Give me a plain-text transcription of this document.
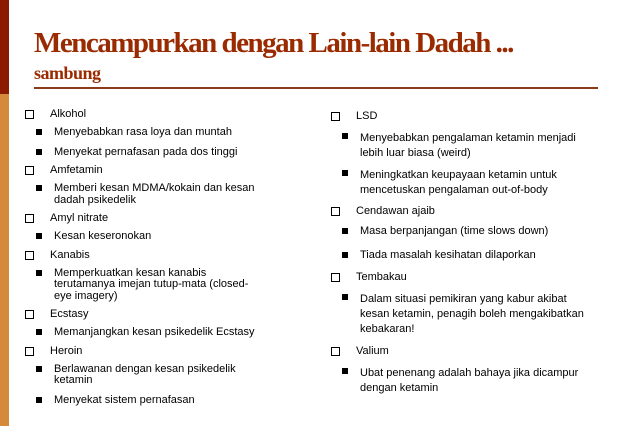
Mencampurkan dengan Lain-lain Dadah ...
sambung
Alkohol
Menyebabkan rasa loya dan muntah
Menyekat pernafasan pada dos tinggi
Amfetamin
Memberi kesan MDMA/kokain dan kesan dadah psikedelik
Amyl nitrate
Kesan keseronokan
Kanabis
Memperkuatkan kesan kanabis terutamanya imejan tutup-mata (closed-eye imagery)
Ecstasy
Memanjangkan kesan psikedelik Ecstasy
Heroin
Berlawanan dengan kesan psikedelik ketamin
Menyekat sistem pernafasan
LSD
Menyebabkan pengalaman ketamin menjadi lebih luar biasa (weird)
Meningkatkan keupayaan ketamin untuk mencetuskan pengalaman out-of-body
Cendawan ajaib
Masa berpanjangan (time slows down)
Tiada masalah kesihatan dilaporkan
Tembakau
Dalam situasi pemikiran yang kabur akibat kesan ketamin, penagih boleh mengakibatkan kebakaran!
Valium
Ubat penenang adalah bahaya jika dicampur dengan ketamin
